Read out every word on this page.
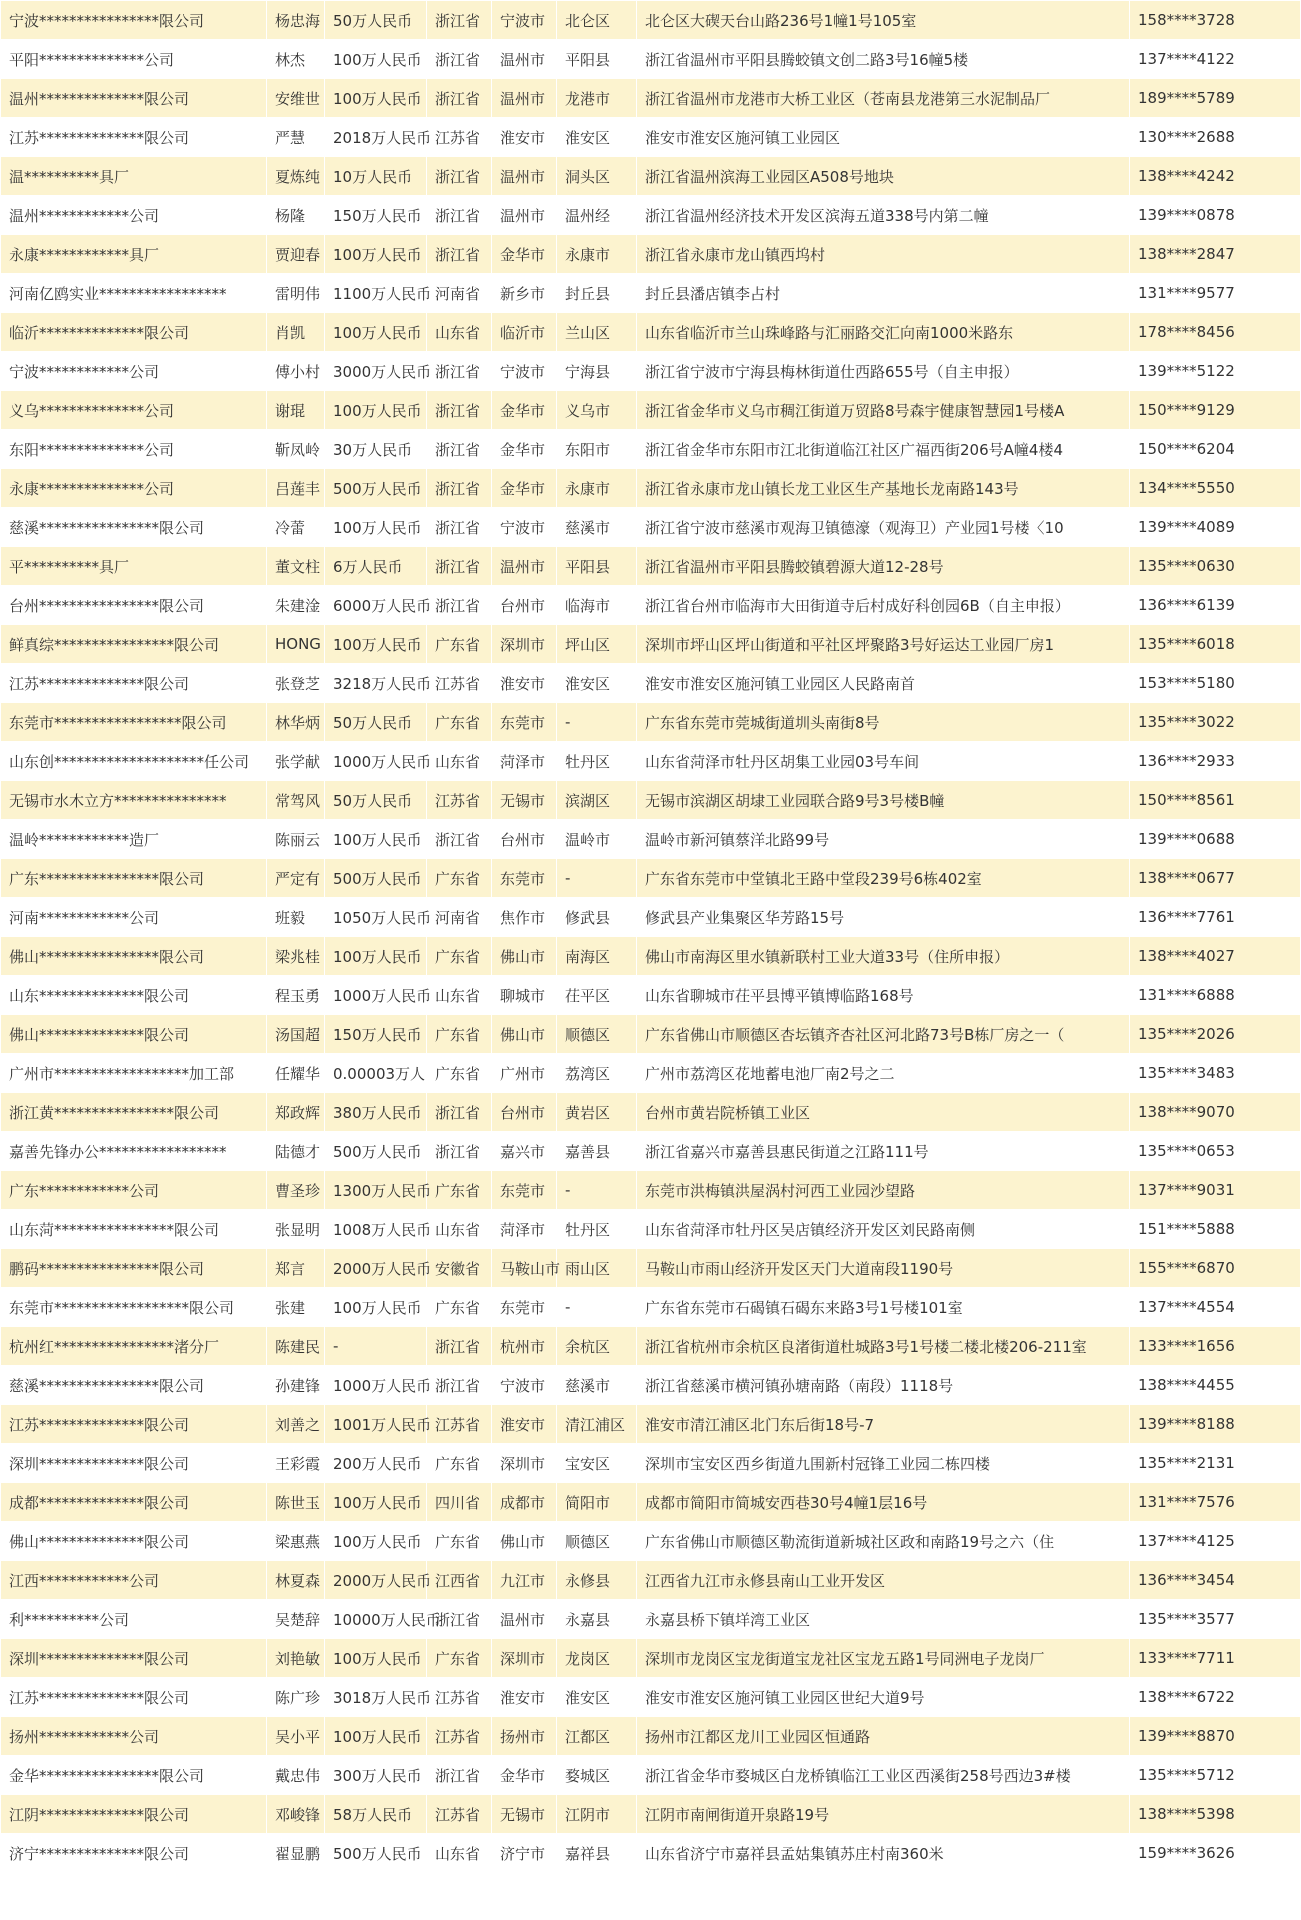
宁波****************限公司	杨忠海	50万人民币	浙江省	宁波市	北仑区	北仑区大碶天台山路236号1幢1号105室	158****3728
平阳**************公司	林杰	100万人民币	浙江省	温州市	平阳县	浙江省温州市平阳县腾蛟镇文创二路3号16幢5楼	137****4122
温州**************限公司	安维世	100万人民币	浙江省	温州市	龙港市	浙江省温州市龙港市大桥工业区（苍南县龙港第三水泥制品厂	189****5789
江苏**************限公司	严慧	2018万人民币	江苏省	淮安市	淮安区	淮安市淮安区施河镇工业园区	130****2688
温**********具厂	夏炼纯	10万人民币	浙江省	温州市	洞头区	浙江省温州滨海工业园区A508号地块	138****4242
温州************公司	杨隆	150万人民币	浙江省	温州市	温州经	浙江省温州经济技术开发区滨海五道338号内第二幢	139****0878
永康************具厂	贾迎春	100万人民币	浙江省	金华市	永康市	浙江省永康市龙山镇西坞村	138****2847
河南亿鸥实业*****************	雷明伟	1100万人民币	河南省	新乡市	封丘县	封丘县潘店镇李占村	131****9577
临沂**************限公司	肖凯	100万人民币	山东省	临沂市	兰山区	山东省临沂市兰山珠峰路与汇丽路交汇向南1000米路东	178****8456
宁波************公司	傅小村	3000万人民币	浙江省	宁波市	宁海县	浙江省宁波市宁海县梅林街道仕西路655号（自主申报）	139****5122
义乌**************公司	谢琨	100万人民币	浙江省	金华市	义乌市	浙江省金华市义乌市稠江街道万贸路8号森宇健康智慧园1号楼A	150****9129
东阳**************公司	靳凤岭	30万人民币	浙江省	金华市	东阳市	浙江省金华市东阳市江北街道临江社区广福西街206号A幢4楼4	150****6204
永康**************公司	吕莲丰	500万人民币	浙江省	金华市	永康市	浙江省永康市龙山镇长龙工业区生产基地长龙南路143号	134****5550
慈溪****************限公司	冷蕾	100万人民币	浙江省	宁波市	慈溪市	浙江省宁波市慈溪市观海卫镇德濠（观海卫）产业园1号楼〈10	139****4089
平**********具厂	董文柱	6万人民币	浙江省	温州市	平阳县	浙江省温州市平阳县腾蛟镇碧源大道12-28号	135****0630
台州****************限公司	朱建淦	6000万人民币	浙江省	台州市	临海市	浙江省台州市临海市大田街道寺后村成好科创园6B（自主申报）	136****6139
鲜真综****************限公司	HONG	100万人民币	广东省	深圳市	坪山区	深圳市坪山区坪山街道和平社区坪聚路3号好运达工业园厂房1	135****6018
江苏**************限公司	张登芝	3218万人民币	江苏省	淮安市	淮安区	淮安市淮安区施河镇工业园区人民路南首	153****5180
东莞市*****************限公司	林华炳	50万人民币	广东省	东莞市	-	广东省东莞市莞城街道圳头南街8号	135****3022
山东创********************任公司	张学献	1000万人民币	山东省	菏泽市	牡丹区	山东省菏泽市牡丹区胡集工业园03号车间	136****2933
无锡市水木立方***************	常驾风	50万人民币	江苏省	无锡市	滨湖区	无锡市滨湖区胡埭工业园联合路9号3号楼B幢	150****8561
温岭************造厂	陈丽云	100万人民币	浙江省	台州市	温岭市	温岭市新河镇蔡洋北路99号	139****0688
广东****************限公司	严定有	500万人民币	广东省	东莞市	-	广东省东莞市中堂镇北王路中堂段239号6栋402室	138****0677
河南************公司	班毅	1050万人民币	河南省	焦作市	修武县	修武县产业集聚区华芳路15号	136****7761
佛山****************限公司	梁兆桂	100万人民币	广东省	佛山市	南海区	佛山市南海区里水镇新联村工业大道33号（住所申报）	138****4027
山东**************限公司	程玉勇	1000万人民币	山东省	聊城市	茌平区	山东省聊城市茌平县博平镇博临路168号	131****6888
佛山**************限公司	汤国超	150万人民币	广东省	佛山市	顺德区	广东省佛山市顺德区杏坛镇齐杏社区河北路73号B栋厂房之一（	135****2026
广州市******************加工部	任耀华	0.00003万人	广东省	广州市	荔湾区	广州市荔湾区花地蓄电池厂南2号之二	135****3483
浙江黄****************限公司	郑政辉	380万人民币	浙江省	台州市	黄岩区	台州市黄岩院桥镇工业区	138****9070
嘉善先锋办公*****************	陆德才	500万人民币	浙江省	嘉兴市	嘉善县	浙江省嘉兴市嘉善县惠民街道之江路111号	135****0653
广东************公司	曹圣珍	1300万人民币	广东省	东莞市	-	东莞市洪梅镇洪屋涡村河西工业园沙望路	137****9031
山东菏****************限公司	张显明	1008万人民币	山东省	菏泽市	牡丹区	山东省菏泽市牡丹区吴店镇经济开发区刘民路南侧	151****5888
鹏码****************限公司	郑言	2000万人民币	安徽省	马鞍山市	雨山区	马鞍山市雨山经济开发区天门大道南段1190号	155****6870
东莞市******************限公司	张建	100万人民币	广东省	东莞市	-	广东省东莞市石碣镇石碣东来路3号1号楼101室	137****4554
杭州红****************渚分厂	陈建民	-	浙江省	杭州市	余杭区	浙江省杭州市余杭区良渚街道杜城路3号1号楼二楼北楼206-211室	133****1656
慈溪****************限公司	孙建锋	1000万人民币	浙江省	宁波市	慈溪市	浙江省慈溪市横河镇孙塘南路（南段）1118号	138****4455
江苏**************限公司	刘善之	1001万人民币	江苏省	淮安市	清江浦区	淮安市清江浦区北门东后街18号-7	139****8188
深圳**************限公司	王彩霞	200万人民币	广东省	深圳市	宝安区	深圳市宝安区西乡街道九围新村冠锋工业园二栋四楼	135****2131
成都**************限公司	陈世玉	100万人民币	四川省	成都市	简阳市	成都市简阳市简城安西巷30号4幢1层16号	131****7576
佛山**************限公司	梁惠燕	100万人民币	广东省	佛山市	顺德区	广东省佛山市顺德区勒流街道新城社区政和南路19号之六（住	137****4125
江西************公司	林夏森	2000万人民币	江西省	九江市	永修县	江西省九江市永修县南山工业开发区	136****3454
利**********公司	吴楚辞	10000万人民币	浙江省	温州市	永嘉县	永嘉县桥下镇垟湾工业区	135****3577
深圳**************限公司	刘艳敏	100万人民币	广东省	深圳市	龙岗区	深圳市龙岗区宝龙街道宝龙社区宝龙五路1号同洲电子龙岗厂	133****7711
江苏**************限公司	陈广珍	3018万人民币	江苏省	淮安市	淮安区	淮安市淮安区施河镇工业园区世纪大道9号	138****6722
扬州************公司	吴小平	100万人民币	江苏省	扬州市	江都区	扬州市江都区龙川工业园区恒通路	139****8870
金华****************限公司	戴忠伟	300万人民币	浙江省	金华市	婺城区	浙江省金华市婺城区白龙桥镇临江工业区西溪街258号西边3#楼	135****5712
江阴**************限公司	邓峻锋	58万人民币	江苏省	无锡市	江阴市	江阴市南闸街道开泉路19号	138****5398
济宁**************限公司	翟显鹏	500万人民币	山东省	济宁市	嘉祥县	山东省济宁市嘉祥县孟姑集镇苏庄村南360米	159****3626
